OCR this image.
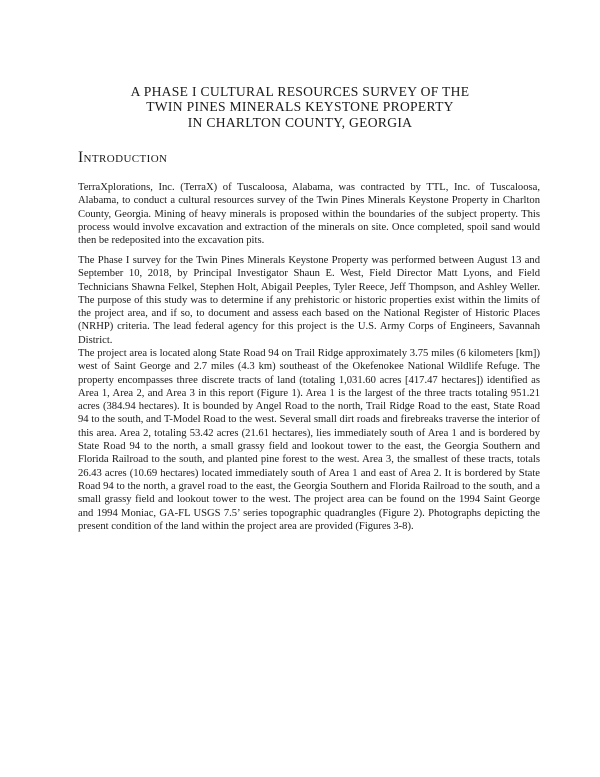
A PHASE I CULTURAL RESOURCES SURVEY OF THE
TWIN PINES MINERALS KEYSTONE PROPERTY
IN CHARLTON COUNTY, GEORGIA
Introduction

TerraXplorations, Inc. (TerraX) of Tuscaloosa, Alabama, was contracted by TTL, Inc. of Tuscaloosa, Alabama, to conduct a cultural resources survey of the Twin Pines Minerals Keystone Property in Charlton County, Georgia. Mining of heavy minerals is proposed within the boundaries of the subject property. This process would involve excavation and extraction of the minerals on site. Once completed, spoil sand would then be redeposited into the excavation pits.

The Phase I survey for the Twin Pines Minerals Keystone Property was performed between August 13 and September 10, 2018, by Principal Investigator Shaun E. West, Field Director Matt Lyons, and Field Technicians Shawna Felkel, Stephen Holt, Abigail Peeples, Tyler Reece, Jeff Thompson, and Ashley Weller. The purpose of this study was to determine if any prehistoric or historic properties exist within the limits of the project area, and if so, to document and assess each based on the National Register of Historic Places (NRHP) criteria. The lead federal agency for this project is the U.S. Army Corps of Engineers, Savannah District.

The project area is located along State Road 94 on Trail Ridge approximately 3.75 miles (6 kilometers [km]) west of Saint George and 2.7 miles (4.3 km) southeast of the Okefenokee National Wildlife Refuge. The property encompasses three discrete tracts of land (totaling 1,031.60 acres [417.47 hectares]) identified as Area 1, Area 2, and Area 3 in this report (Figure 1). Area 1 is the largest of the three tracts totaling 951.21 acres (384.94 hectares). It is bounded by Angel Road to the north, Trail Ridge Road to the east, State Road 94 to the south, and T-Model Road to the west. Several small dirt roads and firebreaks traverse the interior of this area. Area 2, totaling 53.42 acres (21.61 hectares), lies immediately south of Area 1 and is bordered by State Road 94 to the north, a small grassy field and lookout tower to the east, the Georgia Southern and Florida Railroad to the south, and planted pine forest to the west. Area 3, the smallest of these tracts, totals 26.43 acres (10.69 hectares) located immediately south of Area 1 and east of Area 2. It is bordered by State Road 94 to the north, a gravel road to the east, the Georgia Southern and Florida Railroad to the south, and a small grassy field and lookout tower to the west. The project area can be found on the 1994 Saint George and 1994 Moniac, GA-FL USGS 7.5’ series topographic quadrangles (Figure 2). Photographs depicting the present condition of the land within the project area are provided (Figures 3-8).
